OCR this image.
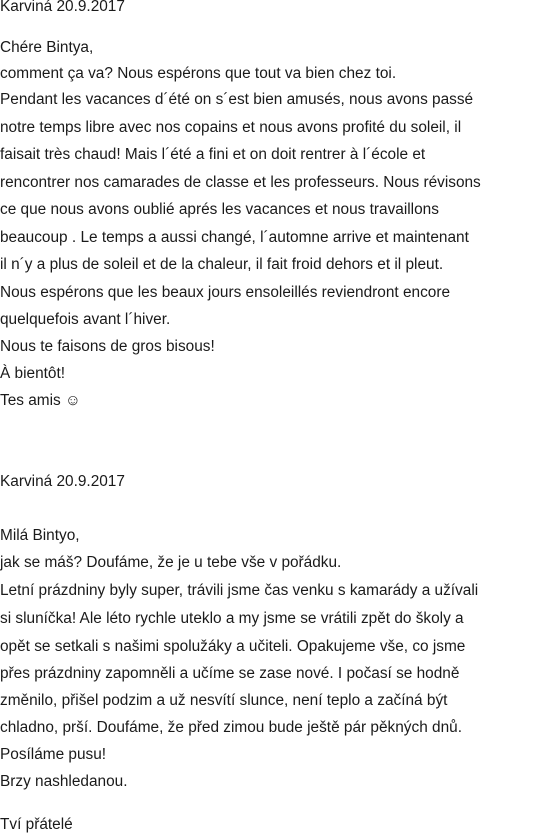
Karviná 20.9.2017
Chére Bintya,
comment ça va? Nous espérons que tout va bien chez toi.
Pendant les vacances d´été on s´est bien amusés, nous avons passé
notre temps libre avec nos copains et nous avons profité du soleil, il
faisait très chaud! Mais l´été a fini et on doit rentrer à l´école et
rencontrer nos camarades de classe et les professeurs. Nous révisons
ce que nous avons oublié aprés les vacances et nous travaillons
beaucoup . Le temps a aussi changé, l´automne arrive et maintenant
il n´y a plus de soleil et de la chaleur, il fait froid dehors et il pleut.
Nous espérons que les beaux jours ensoleillés reviendront encore
quelquefois avant l´hiver.
Nous te faisons de gros bisous!
À bientôt!
Tes amis ☺
Karviná 20.9.2017
Milá Bintyo,
jak se máš? Doufáme, že je u tebe vše v pořádku.
Letní prázdniny byly super, trávili jsme čas venku s kamarády a užívali
si sluníčka! Ale léto rychle uteklo a my jsme se vrátili zpět do školy a
opět se setkali s našimi spolužáky a učiteli. Opakujeme vše, co jsme
přes prázdniny zapomněli a učíme se zase nové. I počasí se hodně
změnilo, přišel podzim a už nesvítí slunce, není teplo a začíná být
chladno, prší. Doufáme, že před zimou bude ještě pár pěkných dnů.
Posíláme pusu!
Brzy nashledanou.
Tví přátelé
